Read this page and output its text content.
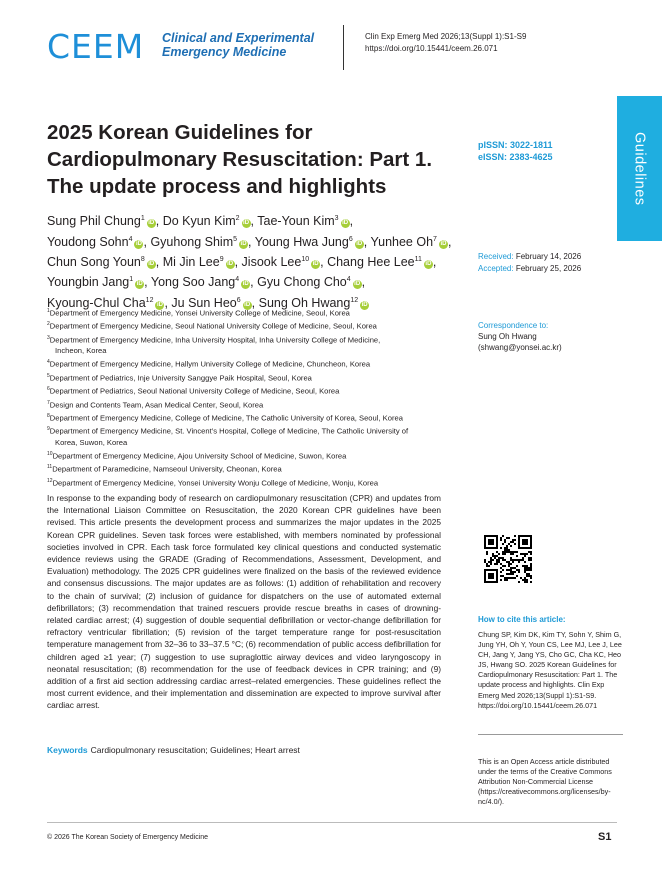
CEEM Clinical and Experimental
Emergency Medicine
Clin Exp Emerg Med 2026;13(Suppl 1):S1-S9
https://doi.org/10.15441/ceem.26.071
Guidelines
pISSN: 3022-1811
eISSN: 2383-4625
2025 Korean Guidelines for
Cardiopulmonary Resuscitation: Part 1.
The update process and highlights
Sung Phil Chung$^1$iD , Do Kyun Kim$^2$iD , Tae-Youn Kim$^3$iD ,
Youdong Sohn$^4$iD , Gyuhong Shim$^5$iD , Young Hwa Jung$^6$iD , Yunhee Oh$^7$iD ,
Chun Song Youn$^8$iD , Mi Jin Lee$^9$iD , Jisook Lee$^{10}$iD , Chang Hee Lee$^{11}$iD ,
Youngbin Jang$^1$iD , Yong Soo Jang$^4$iD , Gyu Chong Cho$^4$iD ,
Kyoung-Chul Cha$^{12}$iD , Ju Sun Heo$^6$iD , Sung Oh Hwang$^{12}$iD
$^1$Department of Emergency Medicine, Yonsei University College of Medicine, Seoul, Korea
$^2$Department of Emergency Medicine, Seoul National University College of Medicine, Seoul, Korea
$^3$Department of Emergency Medicine, Inha University Hospital, Inha University College of Medicine,
Incheon, Korea
$^4$Department of Emergency Medicine, Hallym University College of Medicine, Chuncheon, Korea
$^5$Department of Pediatrics, Inje University Sanggye Paik Hospital, Seoul, Korea
$^6$Department of Pediatrics, Seoul National University College of Medicine, Seoul, Korea
$^7$Design and Contents Team, Asan Medical Center, Seoul, Korea
$^8$Department of Emergency Medicine, College of Medicine, The Catholic University of Korea, Seoul, Korea
$^9$Department of Emergency Medicine, St. Vincent’s Hospital, College of Medicine, The Catholic University of
Korea, Suwon, Korea
$^{10}$Department of Emergency Medicine, Ajou University School of Medicine, Suwon, Korea
$^{11}$Department of Paramedicine, Namseoul University, Cheonan, Korea
$^{12}$Department of Emergency Medicine, Yonsei University Wonju College of Medicine, Wonju, Korea
In response to the expanding body of research on cardiopulmonary resuscitation (CPR) and updates from the International Liaison Committee on Resuscitation, the 2020 Korean CPR guidelines have been revised. This article presents the development process and summarizes the major updates in the 2025 Korean CPR guidelines. Seven task forces were established, with members nominated by professional societies involved in CPR. Each task force formulated key clinical questions and conducted systematic evidence reviews using the GRADE (Grading of Recommendations, Assessment, Development, and Evaluation) methodology. The 2025 CPR guidelines were finalized on the basis of the reviewed evidence and consensus discussions. The major updates are as follows: (1) addition of rehabilitation and recovery to the chain of survival; (2) inclusion of guidance for dispatchers on the use of automated external defibrillators; (3) recommendation that trained rescuers provide rescue breaths in cases of drowning-related cardiac arrest; (4) suggestion of double sequential defibrillation or vector-change defibrillation for refractory ventricular fibrillation; (5) revision of the target temperature range for post-resuscitation temperature management from 32–36 to 33–37.5 °C; (6) recommendation of public access defibrillation for children aged ≥1 year; (7) suggestion to use supraglottic airway devices and video laryngoscopy in neonatal resuscitation; (8) recommendation for the use of feedback devices in CPR training; and (9) addition of a first aid section addressing cardiac arrest–related emergencies. These guidelines reflect the most current evidence, and their implementation and dissemination are expected to improve survival after cardiac arrest.
Keywords Cardiopulmonary resuscitation; Guidelines; Heart arrest
Received: February 14, 2026
Accepted: February 25, 2026
Correspondence to:
Sung Oh Hwang
(shwang@yonsei.ac.kr)
How to cite this article:
Chung SP, Kim DK, Kim TY, Sohn Y, Shim G, Jung YH, Oh Y, Youn CS, Lee MJ, Lee J, Lee CH, Jang Y, Jang YS, Cho GC, Cha KC, Heo JS, Hwang SO. 2025 Korean Guidelines for Cardiopulmonary Resuscitation: Part 1. The update process and highlights. Clin Exp Emerg Med 2026;13(Suppl 1):S1-S9. https://doi.org/10.15441/ceem.26.071
This is an Open Access article distributed under the terms of the Creative Commons Attribution Non-Commercial License (https://creativecommons.org/licenses/by-nc/4.0/).
© 2026 The Korean Society of Emergency Medicine	S1
